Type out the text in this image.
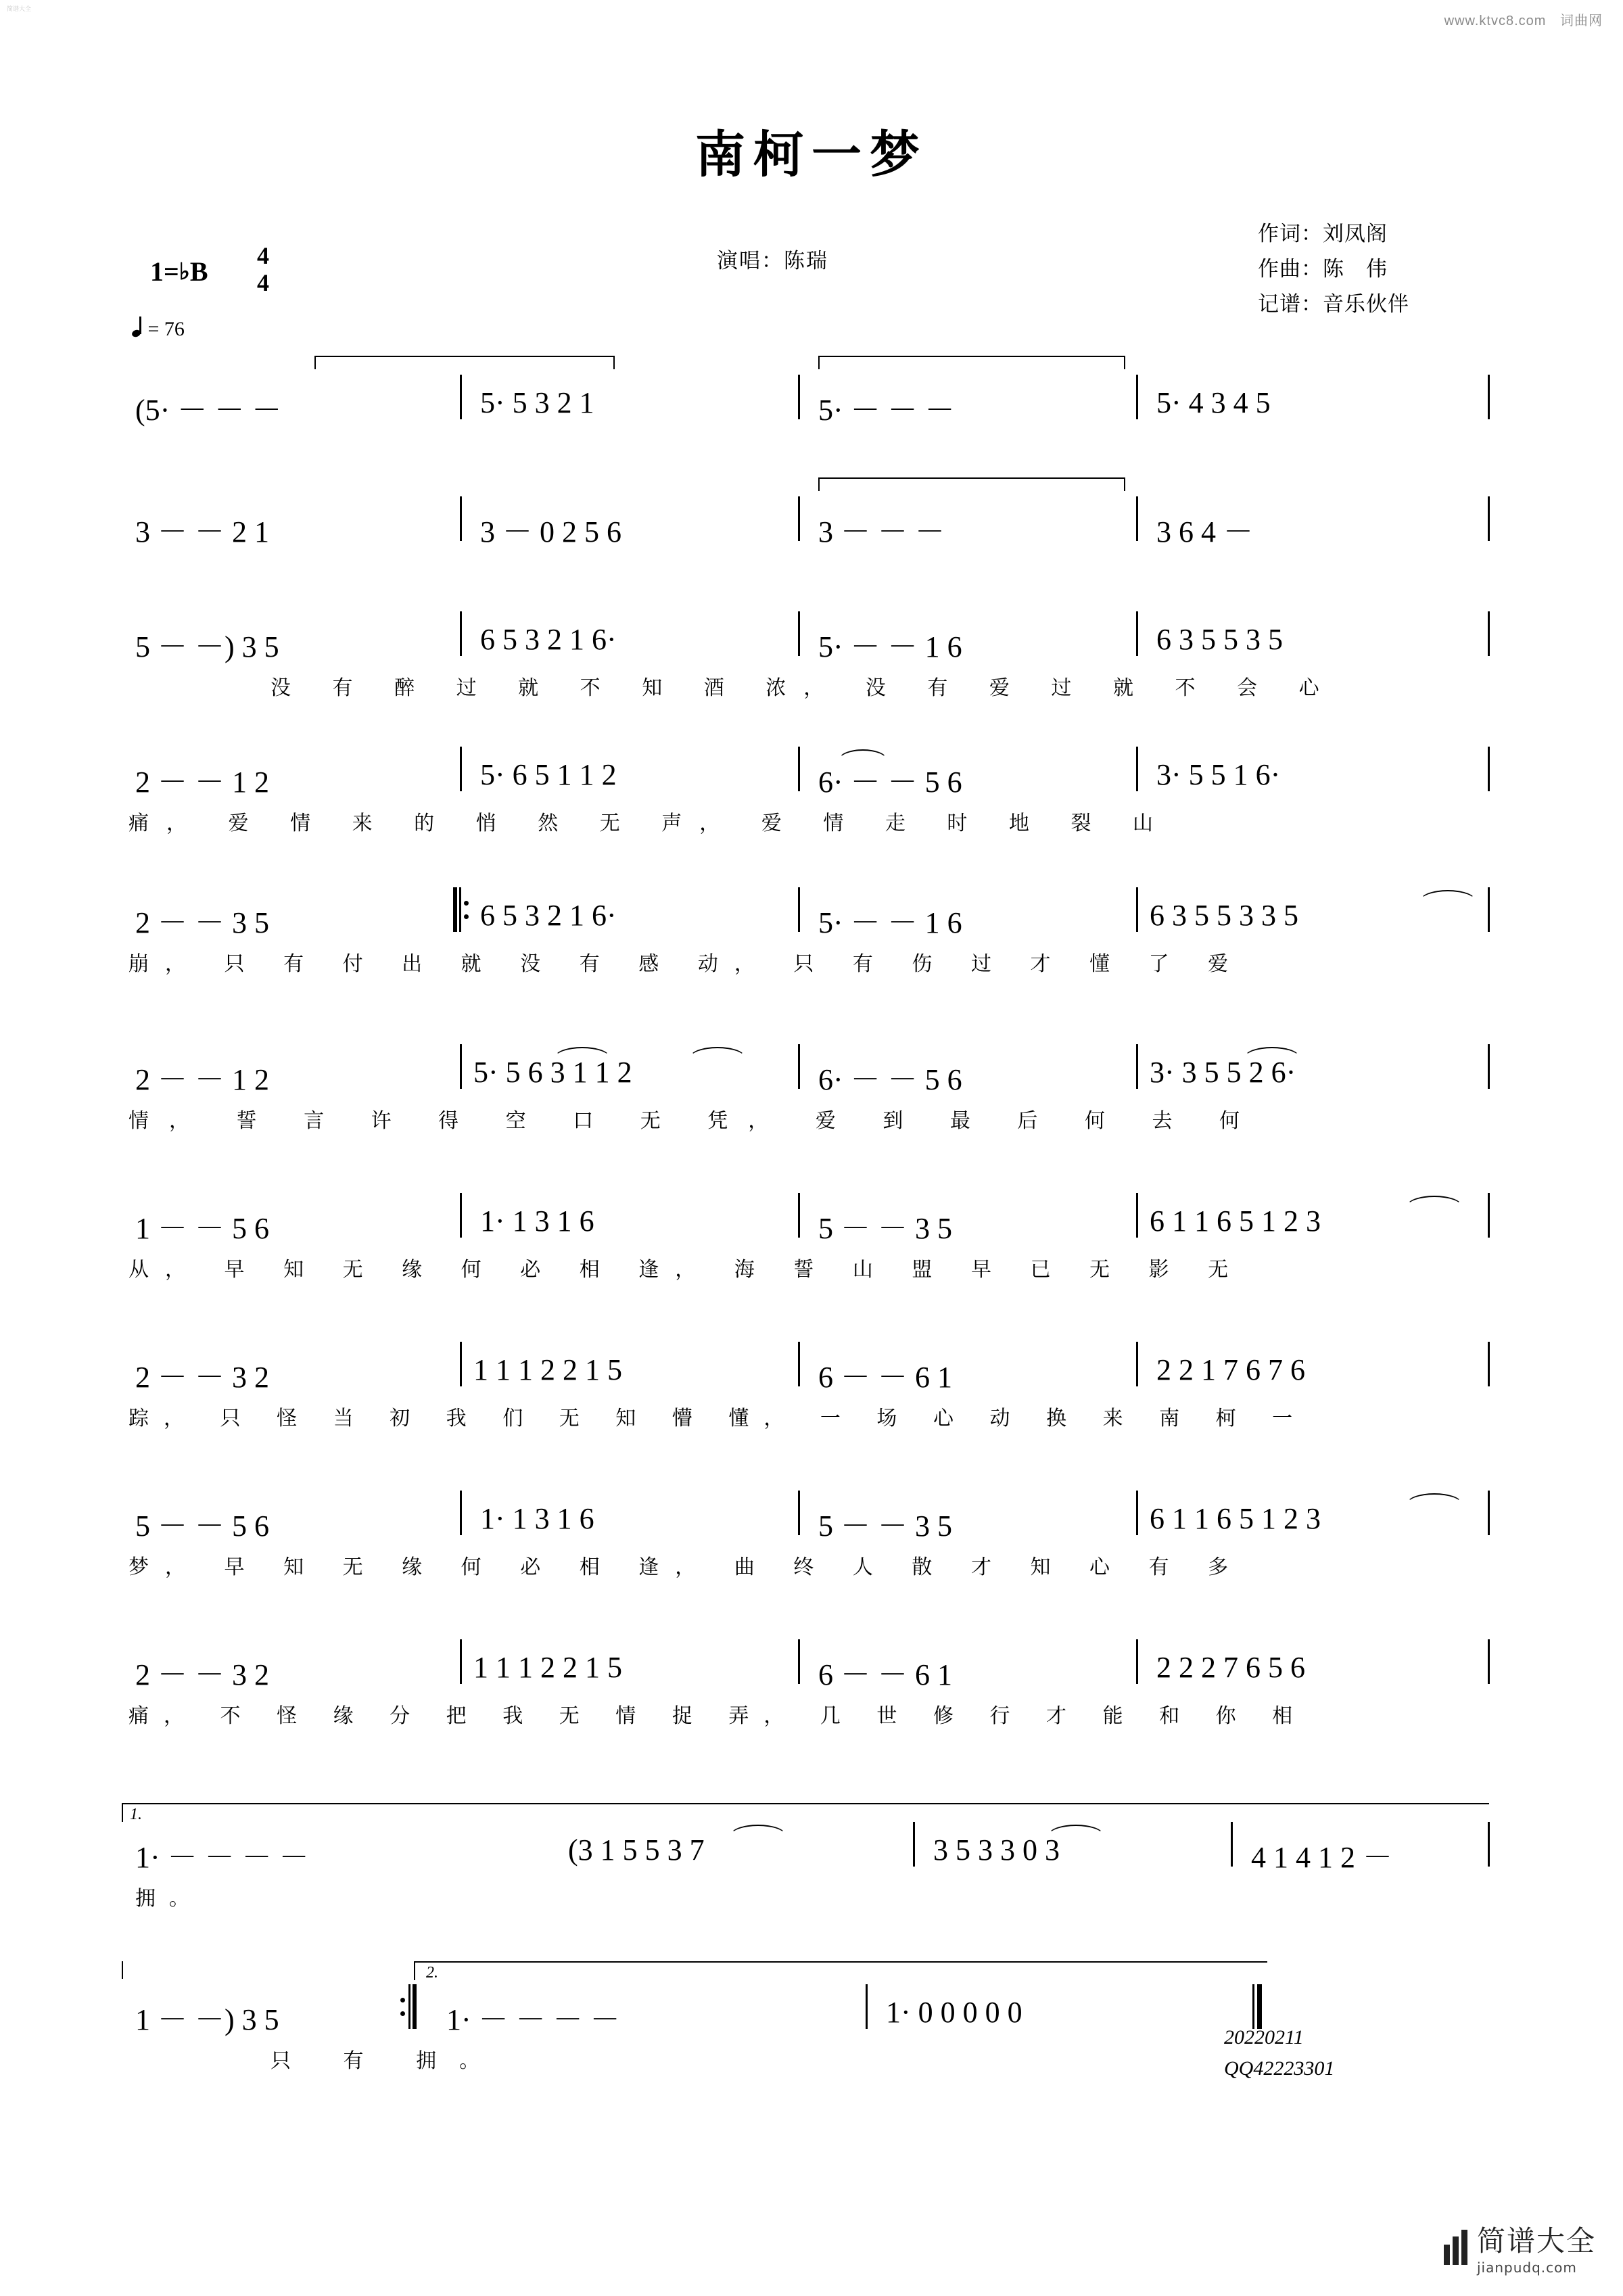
简谱大全
www.ktvc8.com 词曲网
南柯一梦
演唱：陈瑞
作词：刘凤阁
作曲：陈　伟
记谱：音乐伙伴
1=♭B
4
4
= 76
(5· － － －	5· 5 3 2 1	5· － － －	5· 4 3 4 5
3 － － 2 1	3 － 0 2 5 6	3 － － －	3 6 4 －
5 － －) 3 5	6 5 3 2 1 6·	5· － － 1 6	6 3 5 5 3 5
没 有 醉 过 就 不 知 酒 浓， 没 有 爱 过 就 不 会 心
2 － － 1 2	5· 6 5 1 1 2	6· － － 5 6	3· 5 5 1 6·
痛， 爱 情 来 的 悄 然 无 声， 爱 情 走 时 地 裂 山
2 － － 3 5	6 5 3 2 1 6·	5· － － 1 6	6 3 5 5 3 3 5
崩， 只 有 付 出 就 没 有 感 动， 只 有 伤 过 才 懂 了 爱
2 － － 1 2	5· 5 6 3 1 1 2	6· － － 5 6	3· 3 5 5 2 6·
情， 誓 言 许 得 空 口 无 凭， 爱 到 最 后 何 去 何
1 － － 5 6	1· 1 3 1 6	5 － － 3 5	6 1 1 6 5 1 2 3
从， 早 知 无 缘 何 必 相 逢， 海 誓 山 盟 早 已 无 影 无
2 － － 3 2	1 1 1 2 2 1 5	6 － － 6 1	2 2 1 7 6 7 6
踪， 只 怪 当 初 我 们 无 知 懵 懂， 一 场 心 动 换 来 南 柯 一
5 － － 5 6	1· 1 3 1 6	5 － － 3 5	6 1 1 6 5 1 2 3
梦， 早 知 无 缘 何 必 相 逢， 曲 终 人 散 才 知 心 有 多
2 － － 3 2	1 1 1 2 2 1 5	6 － － 6 1	2 2 2 7 6 5 6
痛， 不 怪 缘 分 把 我 无 情 捉 弄， 几 世 修 行 才 能 和 你 相
1.
1· － － － －	(3 1 5 5 3 7	3 5 3 3 0 3	4 1 4 1 2 －
拥。
2.
1 － －) 3 5	1· － － － －	1· 0 0 0 0 0
只 有 拥。
20220211
QQ42223301
简谱大全
jianpudq.com
